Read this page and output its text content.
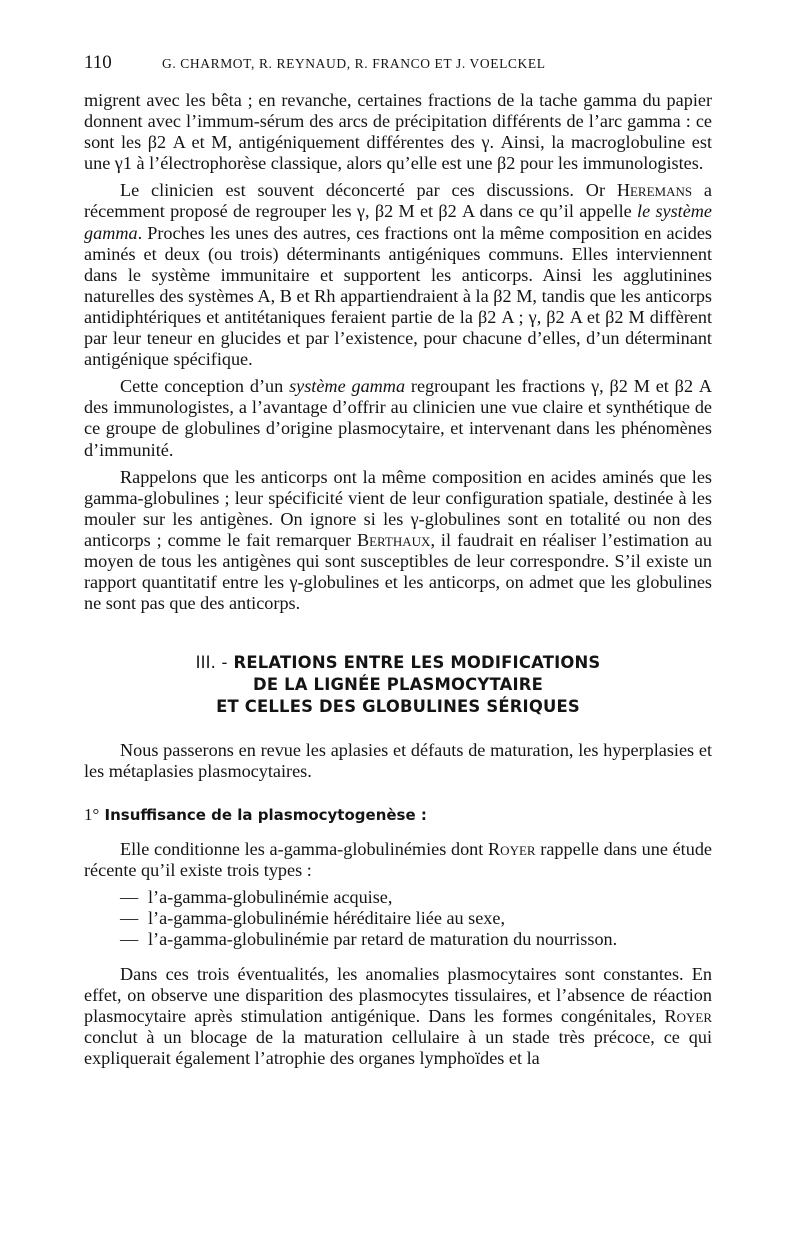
110	G. CHARMOT, R. REYNAUD, R. FRANCO ET J. VOELCKEL

migrent avec les bêta ; en revanche, certaines fractions de la tache gamma du papier donnent avec l’immum-sérum des arcs de précipitation différents de l’arc gamma : ce sont les β2 A et M, antigéniquement différentes des γ. Ainsi, la macroglobuline est une γ1 à l’électrophorèse classique, alors qu’elle est une β2 pour les immunologistes.

Le clinicien est souvent déconcerté par ces discussions. Or Heremans a récemment proposé de regrouper les γ, β2 M et β2 A dans ce qu’il appelle le système gamma. Proches les unes des autres, ces fractions ont la même composition en acides aminés et deux (ou trois) déterminants antigéniques communs. Elles interviennent dans le système immunitaire et supportent les anticorps. Ainsi les agglutinines naturelles des systèmes A, B et Rh appartiendraient à la β2 M, tandis que les anticorps antidiphtériques et antitétaniques feraient partie de la β2 A ; γ, β2 A et β2 M diffèrent par leur teneur en glucides et par l’existence, pour chacune d’elles, d’un déterminant antigénique spécifique.

Cette conception d’un système gamma regroupant les fractions γ, β2 M et β2 A des immunologistes, a l’avantage d’offrir au clinicien une vue claire et synthétique de ce groupe de globulines d’origine plasmocytaire, et intervenant dans les phénomènes d’immunité.

Rappelons que les anticorps ont la même composition en acides aminés que les gamma-globulines ; leur spécificité vient de leur configuration spatiale, destinée à les mouler sur les antigènes. On ignore si les γ-globulines sont en totalité ou non des anticorps ; comme le fait remarquer Berthaux, il faudrait en réaliser l’estimation au moyen de tous les antigènes qui sont susceptibles de leur correspondre. S’il existe un rapport quantitatif entre les γ-globulines et les anticorps, on admet que les globulines ne sont pas que des anticorps.

III. - RELATIONS ENTRE LES MODIFICATIONS
DE LA LIGNÉE PLASMOCYTAIRE
ET CELLES DES GLOBULINES SÉRIQUES

Nous passerons en revue les aplasies et défauts de maturation, les hyperplasies et les métaplasies plasmocytaires.

1° Insuffisance de la plasmocytogenèse :

Elle conditionne les a-gamma-globulinémies dont Royer rappelle dans une étude récente qu’il existe trois types :

— l’a-gamma-globulinémie acquise,
— l’a-gamma-globulinémie héréditaire liée au sexe,
— l’a-gamma-globulinémie par retard de maturation du nourrisson.

Dans ces trois éventualités, les anomalies plasmocytaires sont constantes. En effet, on observe une disparition des plasmocytes tissulaires, et l’absence de réaction plasmocytaire après stimulation antigénique. Dans les formes congénitales, Royer conclut à un blocage de la maturation cellulaire à un stade très précoce, ce qui expliquerait également l’atrophie des organes lymphoïdes et la
